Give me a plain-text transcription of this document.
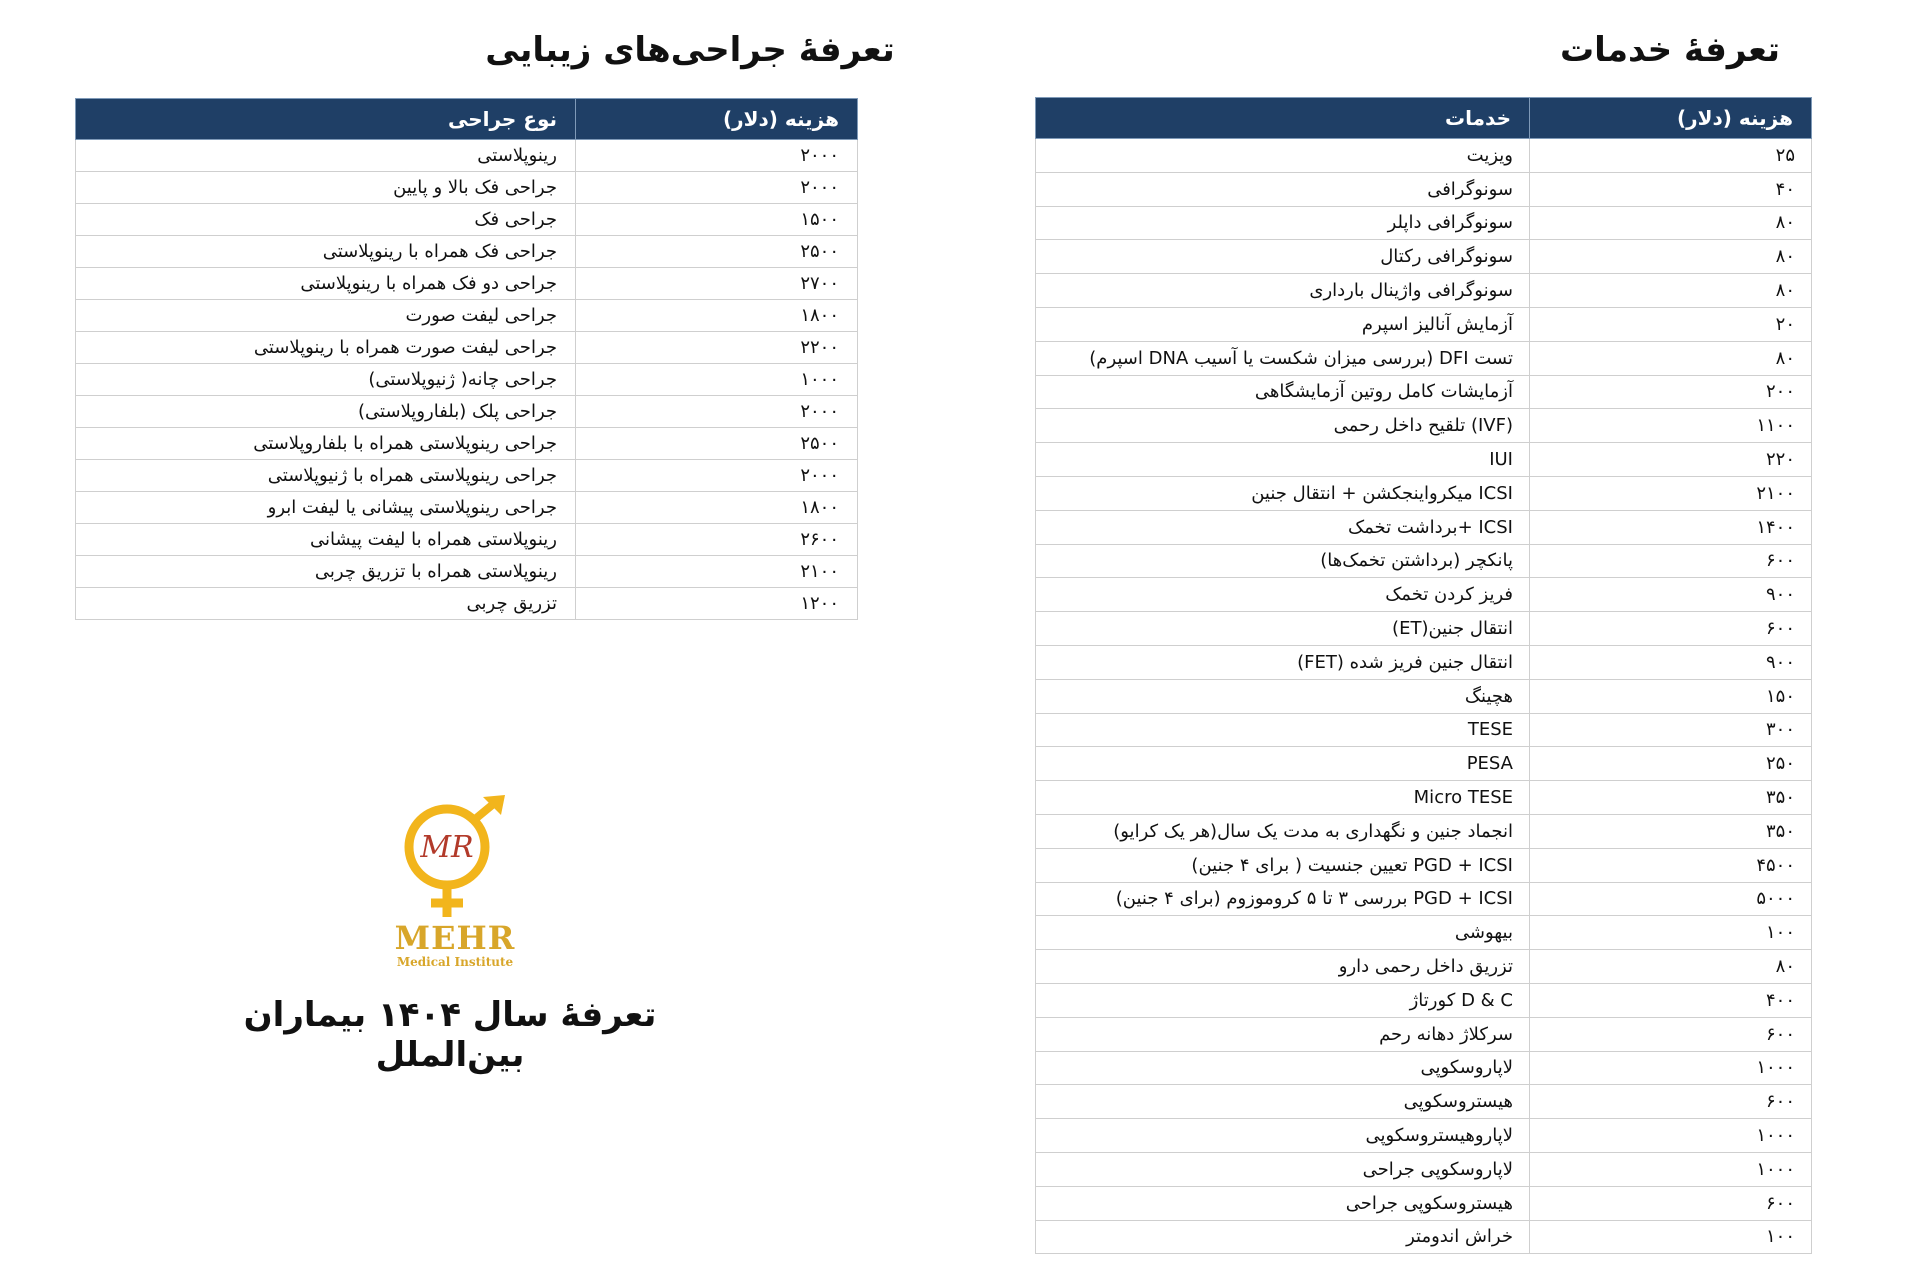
تعرفهٔ خدمات
هزینه (دلار)	خدمات
۲۵	ویزیت
۴۰	سونوگرافی
۸۰	سونوگرافی داپلر
۸۰	سونوگرافی رکتال
۸۰	سونوگرافی واژینال بارداری
۲۰	آزمایش آنالیز اسپرم
۸۰	تست DFI (بررسی میزان شکست یا آسیب DNA اسپرم)
۲۰۰	آزمایشات کامل روتین آزمایشگاهی
۱۱۰۰	(IVF) تلقیح داخل رحمی
۲۲۰	IUI
۲۱۰۰	ICSI میکرواینجکشن + انتقال جنین
۱۴۰۰	ICSI +برداشت تخمک
۶۰۰	پانکچر (برداشتن تخمک‌ها)
۹۰۰	فریز کردن تخمک
۶۰۰	انتقال جنین(ET)
۹۰۰	انتقال جنین فریز شده (FET)
۱۵۰	هچینگ
۳۰۰	TESE
۲۵۰	PESA
۳۵۰	Micro TESE
۳۵۰	انجماد جنین و نگهداری به مدت یک سال(هر یک کرایو)
۴۵۰۰	PGD + ICSI تعیین جنسیت ( برای ۴ جنین)
۵۰۰۰	PGD + ICSI بررسی ۳ تا ۵ کروموزوم (برای ۴ جنین)
۱۰۰	بیهوشی
۸۰	تزریق داخل رحمی دارو
۴۰۰	D & C کورتاژ
۶۰۰	سرکلاژ دهانه رحم
۱۰۰۰	لاپاروسکوپی
۶۰۰	هیستروسکوپی
۱۰۰۰	لاپاروهیستروسکوپی
۱۰۰۰	لاپاروسکوپی جراحی
۶۰۰	هیستروسکوپی جراحی
۱۰۰	خراش اندومتر
تعرفهٔ جراحی‌های زیبایی
هزینه (دلار)	نوع جراحی
۲۰۰۰	رینوپلاستی
۲۰۰۰	جراحی فک بالا و پایین
۱۵۰۰	جراحی فک
۲۵۰۰	جراحی فک همراه با رینوپلاستی
۲۷۰۰	جراحی دو فک همراه با رینوپلاستی
۱۸۰۰	جراحی لیفت صورت
۲۲۰۰	جراحی لیفت صورت همراه با رینوپلاستی
۱۰۰۰	جراحی چانه( ژنیوپلاستی)
۲۰۰۰	جراحی پلک (بلفاروپلاستی)
۲۵۰۰	جراحی رینوپلاستی همراه با بلفاروپلاستی
۲۰۰۰	جراحی رینوپلاستی همراه با ژنیوپلاستی
۱۸۰۰	جراحی رینوپلاستی پیشانی یا لیفت ابرو
۲۶۰۰	رینوپلاستی همراه با لیفت پیشانی
۲۱۰۰	رینوپلاستی همراه با تزریق چربی
۱۲۰۰	تزریق چربی
MR
MEHR
Medical Institute
تعرفهٔ سال ۱۴۰۴ بیماران بین‌الملل
